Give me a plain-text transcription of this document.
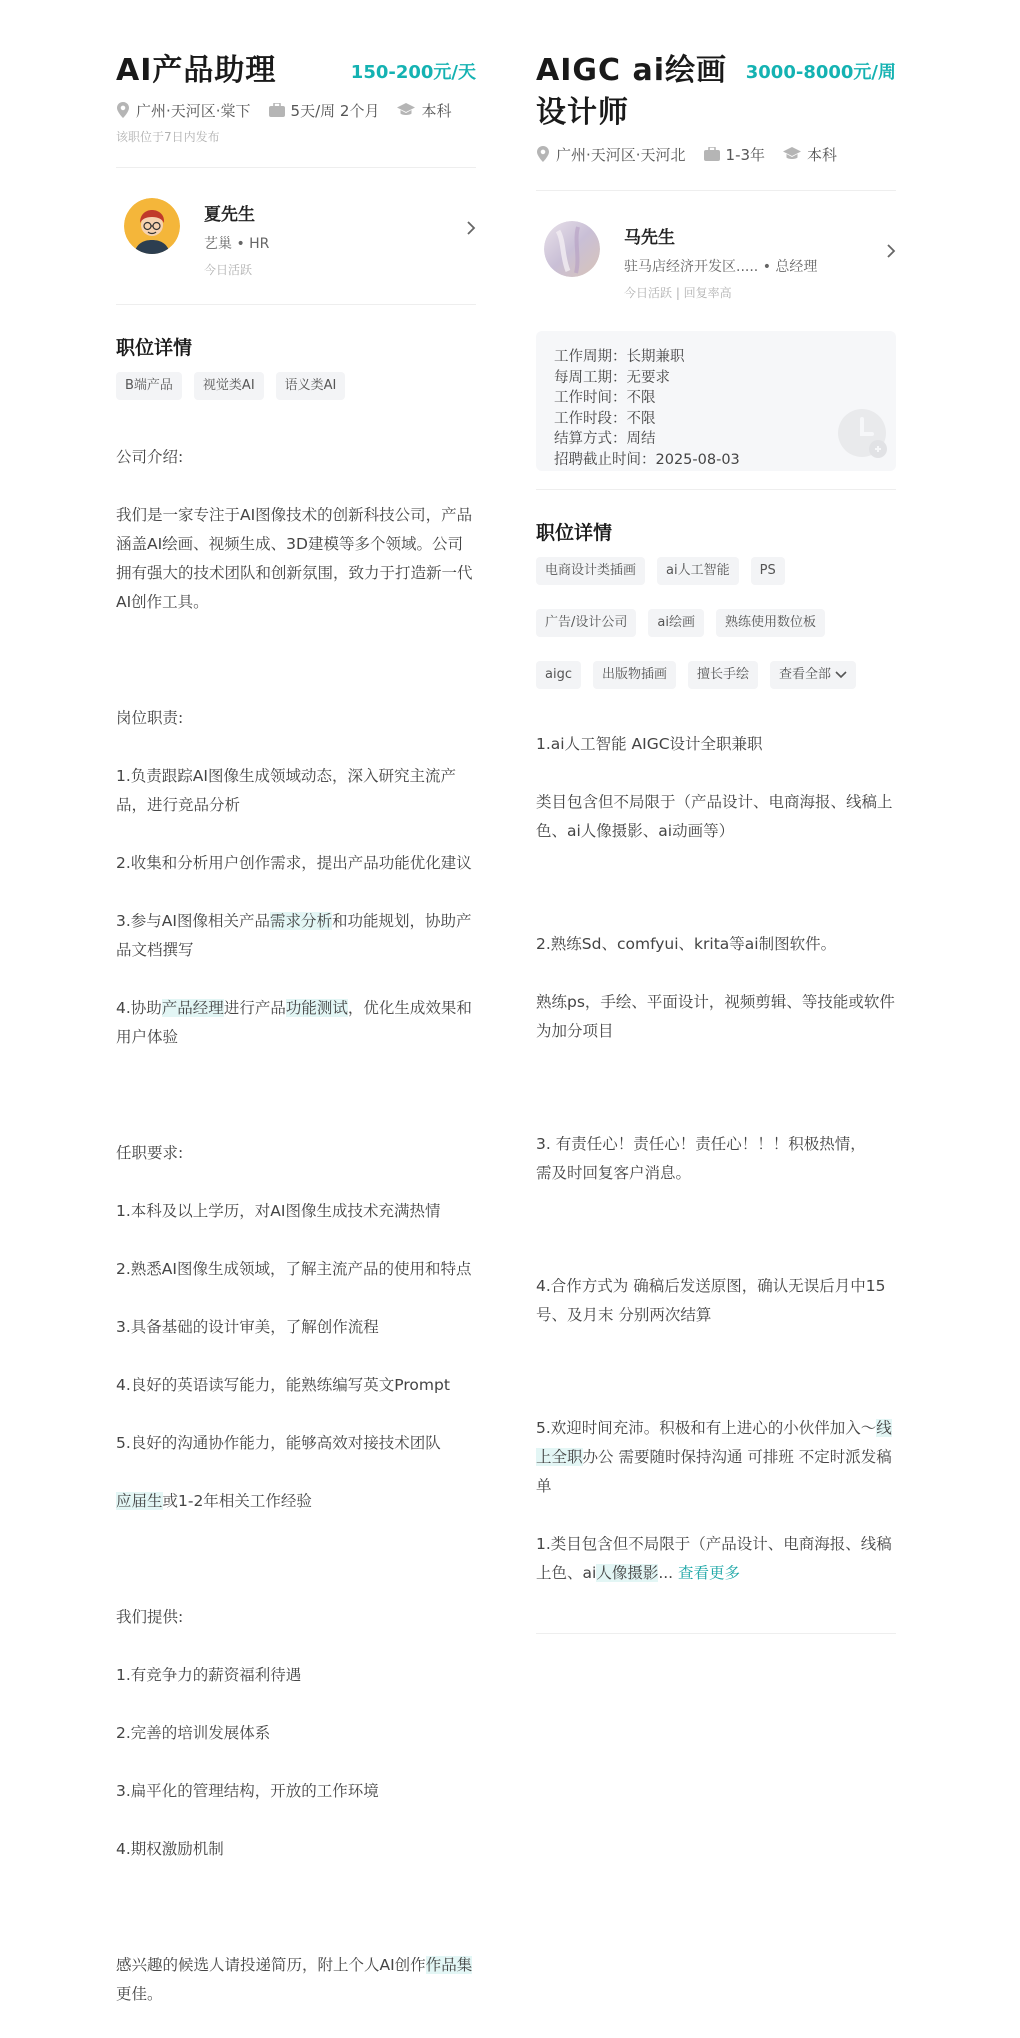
AI产品助理	150-200元/天
广州·天河区·棠下	5天/周 2个月	本科
该职位于7日内发布
夏先生
艺巢 • HR
今日活跃
职位详情
B端产品	视觉类AI	语义类AI

公司介绍:

我们是一家专注于AI图像技术的创新科技公司，产品涵盖AI绘画、视频生成、3D建模等多个领域。公司拥有强大的技术团队和创新氛围，致力于打造新一代AI创作工具。

岗位职责:

1.负责跟踪AI图像生成领域动态，深入研究主流产品，进行竞品分析

2.收集和分析用户创作需求，提出产品功能优化建议

3.参与AI图像相关产品需求分析和功能规划，协助产品文档撰写

4.协助产品经理进行产品功能测试，优化生成效果和用户体验

任职要求:

1.本科及以上学历，对AI图像生成技术充满热情

2.熟悉AI图像生成领域，了解主流产品的使用和特点

3.具备基础的设计审美，了解创作流程

4.良好的英语读写能力，能熟练编写英文Prompt

5.良好的沟通协作能力，能够高效对接技术团队

应届生或1-2年相关工作经验

我们提供:

1.有竞争力的薪资福利待遇

2.完善的培训发展体系

3.扁平化的管理结构，开放的工作环境

4.期权激励机制

感兴趣的候选人请投递简历，附上个人AI创作作品集更佳。

AIGC ai绘画
设计师
3000-8000元/周
广州·天河区·天河北	1-3年	本科
马先生
驻马店经济开发区..... • 总经理
今日活跃 | 回复率高
工作周期：长期兼职
每周工期：无要求
工作时间：不限
工作时段：不限
结算方式：周结
招聘截止时间：2025-08-03
职位详情
电商设计类插画	ai人工智能	PS
广告/设计公司	ai绘画	熟练使用数位板
aigc	出版物插画	擅长手绘	查看全部

1.ai人工智能 AIGC设计全职兼职

类目包含但不局限于（产品设计、电商海报、线稿上色、ai人像摄影、ai动画等）

2.熟练Sd、comfyui、krita等ai制图软件。

熟练ps，手绘、平面设计，视频剪辑、等技能或软件为加分项目

3. 有责任心！责任心！责任心！！！积极热情，
需及时回复客户消息。

4.合作方式为 确稿后发送原图，确认无误后月中15号、及月末 分别两次结算

5.欢迎时间充沛。积极和有上进心的小伙伴加入～线上全职办公 需要随时保持沟通 可排班 不定时派发稿单

1.类目包含但不局限于（产品设计、电商海报、线稿上色、ai人像摄影... 查看更多
